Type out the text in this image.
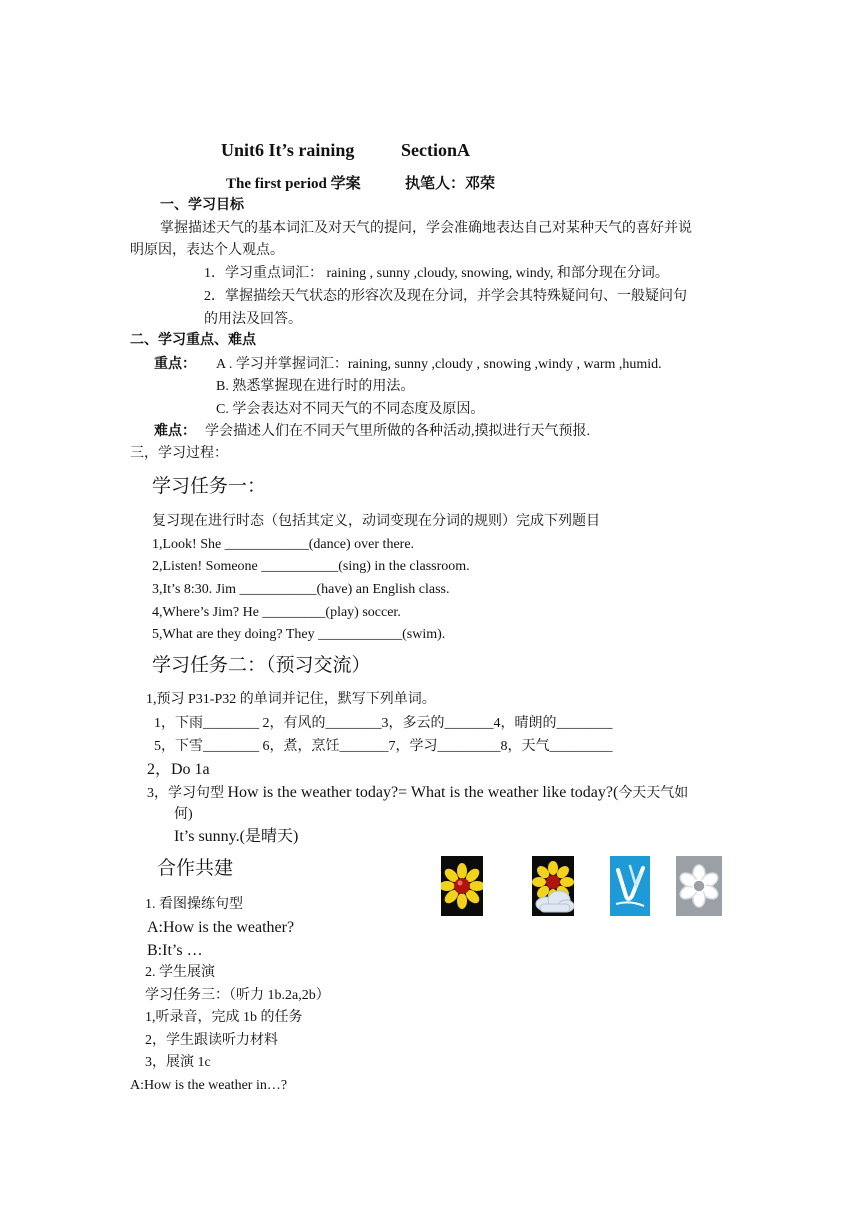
Unit6 It’s raining	SectionA
The first period 学案	执笔人：邓荣
一、学习目标
掌握描述天气的基本词汇及对天气的提问，学会准确地表达自己对某种天气的喜好并说
明原因，表达个人观点。
1．学习重点词汇： raining , sunny ,cloudy, snowing, windy, 和部分现在分词。
2．掌握描绘天气状态的形容次及现在分词，并学会其特殊疑问句、一般疑问句
的用法及回答。
二、学习重点、难点
重点： A . 学习并掌握词汇：raining, sunny ,cloudy , snowing ,windy , warm ,humid.
B. 熟悉掌握现在进行时的用法。
C. 学会表达对不同天气的不同态度及原因。
难点： 学会描述人们在不同天气里所做的各种活动,摸拟进行天气预报.
三，学习过程：
学习任务一：
复习现在进行时态（包括其定义，动词变现在分词的规则）完成下列题目
1,Look! She ____________(dance) over there.
2,Listen! Someone ___________(sing) in the classroom.
3,It’s 8:30. Jim ___________(have) an English class.
4,Where’s Jim? He _________(play) soccer.
5,What are they doing? They ____________(swim).
学习任务二：（预习交流）
1,预习 P31-P32 的单词并记住，默写下列单词。
1，下雨________ 2，有风的________3，多云的_______4，晴朗的________
5，下雪________ 6，煮，烹饪_______7，学习_________8，天气_________
2，Do 1a
3，学习句型 How is the weather today?= What is the weather like today?(今天天气如
何)
It’s sunny.(是晴天)
合作共建
1. 看图操练句型
A:How is the weather?
B:It’s …
2. 学生展演
学习任务三：（听力 1b.2a,2b）
1,听录音，完成 1b 的任务
2，学生跟读听力材料
3，展演 1c
A:How is the weather in…?
